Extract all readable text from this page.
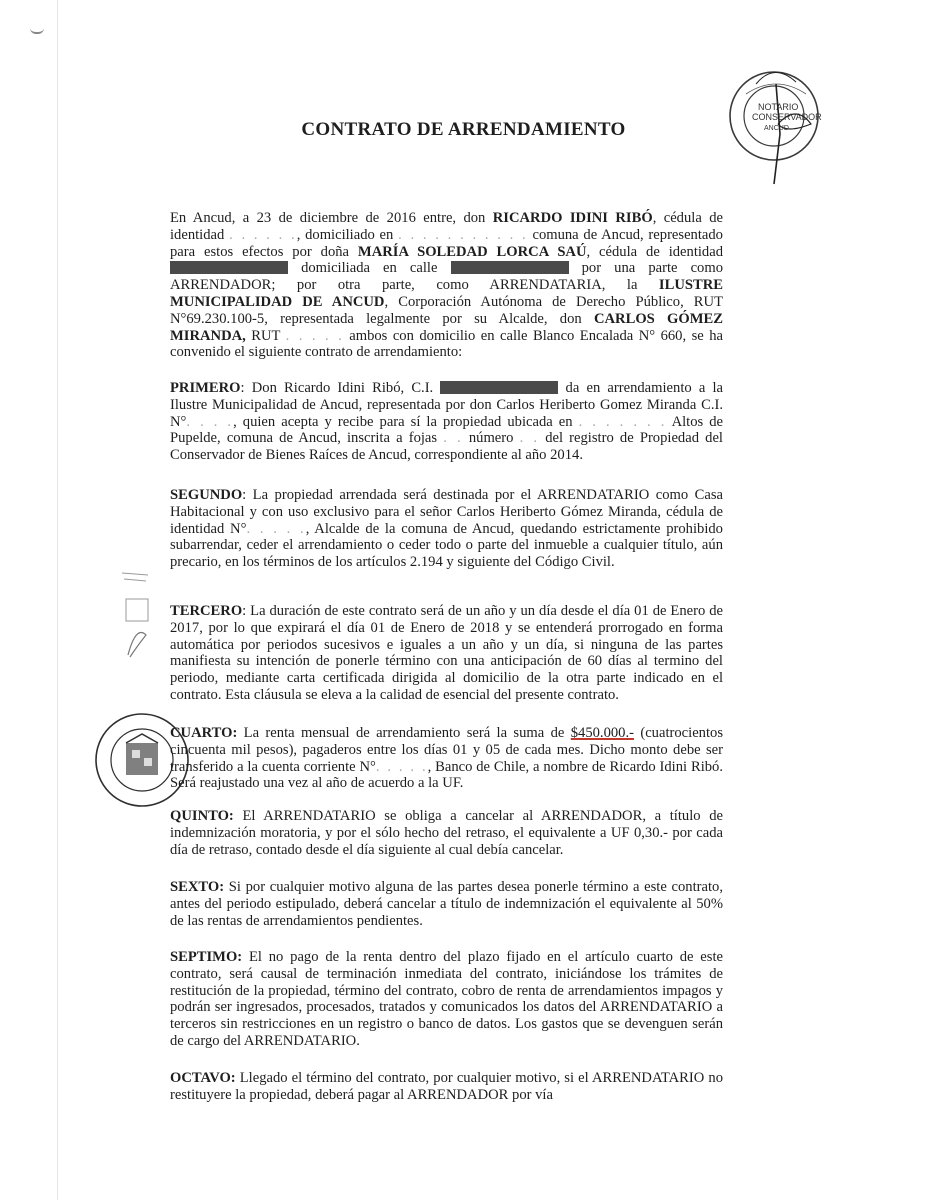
NOTARIO
CONSERVADOR
ANCUD
CONTRATO DE ARRENDAMIENTO

En Ancud, a 23 de diciembre de 2016 entre, don RICARDO IDINI RIBÓ, cédula de identidad . . . . . ., domiciliado en . . . . . . . . . . . comuna de Ancud, representado para estos efectos por doña MARÍA SOLEDAD LORCA SAÚ, cédula de identidad  domiciliada en calle	por una parte como ARRENDADOR; por otra parte, como ARRENDATARIA, la ILUSTRE MUNICIPALIDAD DE ANCUD, Corporación Autónoma de Derecho Público, RUT N°69.230.100-5, representada legalmente por su Alcalde, don CARLOS GÓMEZ MIRANDA, RUT . . . . . ambos con domicilio en calle Blanco Encalada N° 660, se ha convenido el siguiente contrato de arrendamiento:

PRIMERO: Don Ricardo Idini Ribó, C.I.	da en arrendamiento a la Ilustre Municipalidad de Ancud, representada por don Carlos Heriberto Gomez Miranda C.I. N°. . . ., quien acepta y recibe para sí la propiedad ubicada en . . . . . . . Altos de Pupelde, comuna de Ancud, inscrita a fojas . . número . . del registro de Propiedad del Conservador de Bienes Raíces de Ancud, correspondiente al año 2014.

SEGUNDO: La propiedad arrendada será destinada por el ARRENDATARIO como Casa Habitacional y con uso exclusivo para el señor Carlos Heriberto Gómez Miranda, cédula de identidad N°. . . . ., Alcalde de la comuna de Ancud, quedando estrictamente prohibido subarrendar, ceder el arrendamiento o ceder todo o parte del inmueble a cualquier título, aún precario, en los términos de los artículos 2.194 y siguiente del Código Civil.

TERCERO: La duración de este contrato será de un año y un día desde el día 01 de Enero de 2017, por lo que expirará el día 01 de Enero de 2018 y se entenderá prorrogado en forma automática por periodos sucesivos e iguales a un año y un día, si ninguna de las partes manifiesta su intención de ponerle término con una anticipación de 60 días al termino del periodo, mediante carta certificada dirigida al domicilio de la otra parte indicado en el contrato. Esta cláusula se eleva a la calidad de esencial del presente contrato.

CUARTO: La renta mensual de arrendamiento será la suma de $450.000.- (cuatrocientos cincuenta mil pesos), pagaderos entre los días 01 y 05 de cada mes. Dicho monto debe ser transferido a la cuenta corriente N°. . . . ., Banco de Chile, a nombre de Ricardo Idini Ribó. Será reajustado una vez al año de acuerdo a la UF.

QUINTO: El ARRENDATARIO se obliga a cancelar al ARRENDADOR, a título de indemnización moratoria, y por el sólo hecho del retraso, el equivalente a UF 0,30.- por cada día de retraso, contado desde el día siguiente al cual debía cancelar.

SEXTO: Si por cualquier motivo alguna de las partes desea ponerle término a este contrato, antes del periodo estipulado, deberá cancelar a título de indemnización el equivalente al 50% de las rentas de arrendamientos pendientes.

SEPTIMO: El no pago de la renta dentro del plazo fijado en el artículo cuarto de este contrato, será causal de terminación inmediata del contrato, iniciándose los trámites de restitución de la propiedad, término del contrato, cobro de renta de arrendamientos impagos y podrán ser ingresados, procesados, tratados y comunicados los datos del ARRENDATARIO a terceros sin restricciones en un registro o banco de datos. Los gastos que se devenguen serán de cargo del ARRENDATARIO.

OCTAVO: Llegado el término del contrato, por cualquier motivo, si el ARRENDATARIO no restituyere la propiedad, deberá pagar al ARRENDADOR por vía
